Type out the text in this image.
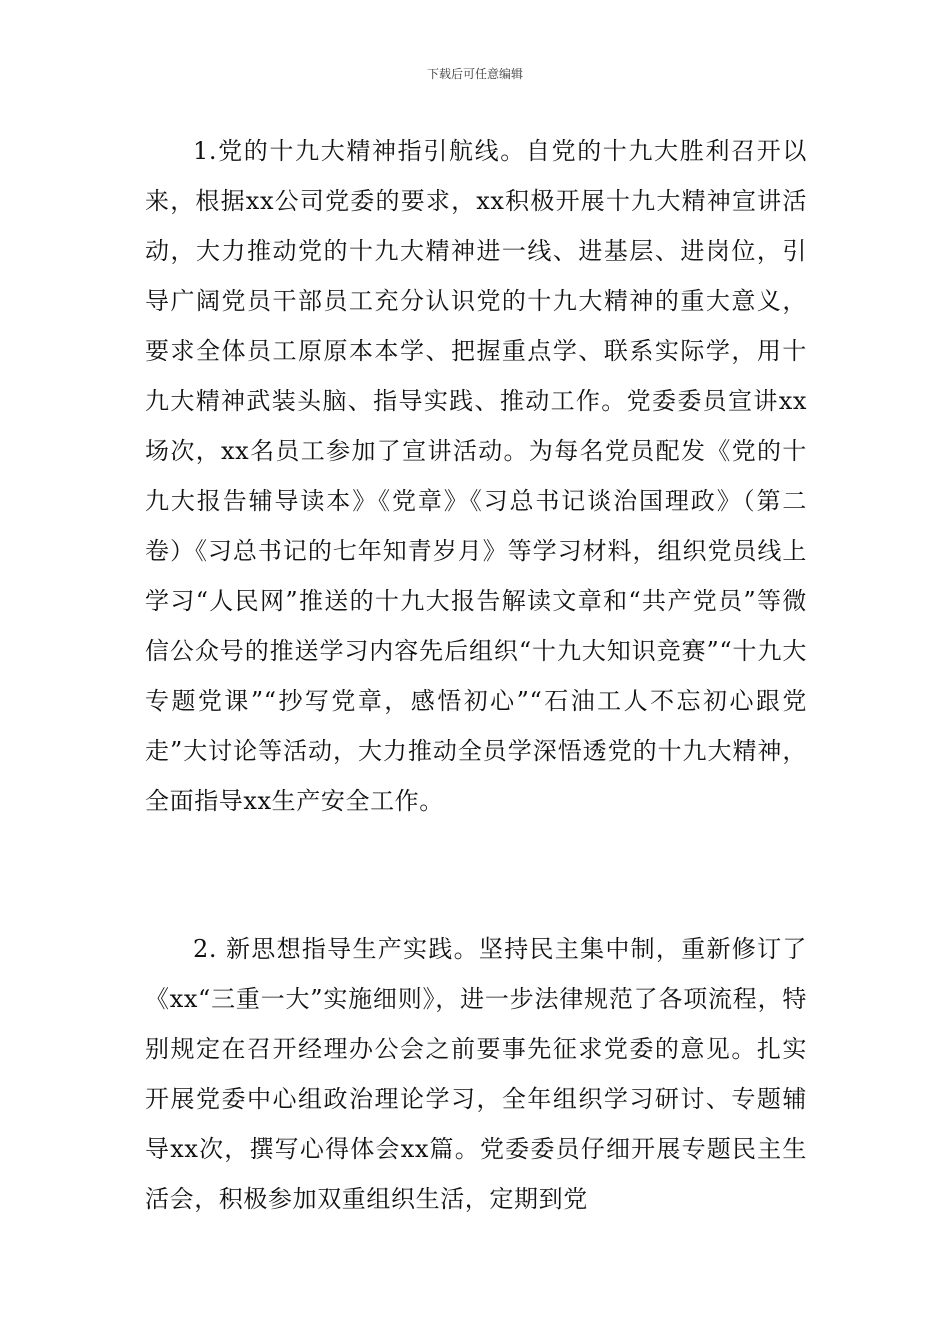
下载后可任意编辑

1.党的十九大精神指引航线。自党的十九大胜利召开以来，根据xx公司党委的要求，xx积极开展十九大精神宣讲活动，大力推动党的十九大精神进一线、进基层、进岗位，引导广阔党员干部员工充分认识党的十九大精神的重大意义，要求全体员工原原本本学、把握重点学、联系实际学，用十九大精神武装头脑、指导实践、推动工作。党委委员宣讲xx场次，xx名员工参加了宣讲活动。为每名党员配发《党的十九大报告辅导读本》《党章》《习总书记谈治国理政》（第二卷）《习总书记的七年知青岁月》等学习材料，组织党员线上学习“人民网”推送的十九大报告解读文章和“共产党员”等微信公众号的推送学习内容先后组织“十九大知识竞赛”“十九大专题党课”“抄写党章，感悟初心”“石油工人不忘初心跟党走”大讨论等活动，大力推动全员学深悟透党的十九大精神，全面指导xx生产安全工作。

2. 新思想指导生产实践。坚持民主集中制，重新修订了《xx“三重一大”实施细则》，进一步法律规范了各项流程，特别规定在召开经理办公会之前要事先征求党委的意见。扎实开展党委中心组政治理论学习，全年组织学习研讨、专题辅导xx次，撰写心得体会xx篇。党委委员仔细开展专题民主生活会，积极参加双重组织生活，定期到党
